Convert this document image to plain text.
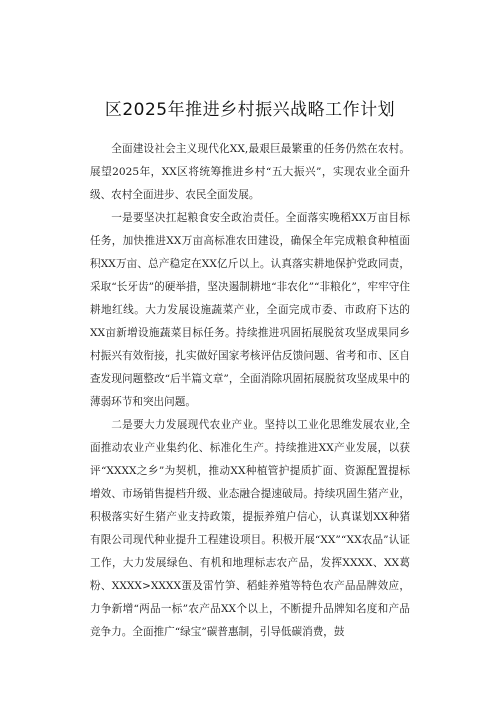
区2025年推进乡村振兴战略工作计划

全面建设社会主义现代化XX,最艰巨最繁重的任务仍然在农村。展望2025年，XX区将统筹推进乡村“五大振兴”，实现农业全面升级、农村全面进步、农民全面发展。

一是要坚决扛起粮食安全政治责任。全面落实晚稻XX万亩目标任务，加快推进XX万亩高标准农田建设，确保全年完成粮食种植面积XX万亩、总产稳定在XX亿斤以上。认真落实耕地保护党政同责，采取“长牙齿”的硬举措，坚决遏制耕地“非农化”“非粮化”，牢牢守住耕地红线。大力发展设施蔬菜产业，全面完成市委、市政府下达的XX亩新增设施蔬菜目标任务。持续推进巩固拓展脱贫攻坚成果同乡村振兴有效衔接，扎实做好国家考核评估反馈问题、省考和市、区自查发现问题整改“后半篇文章”，全面消除巩固拓展脱贫攻坚成果中的薄弱环节和突出问题。

二是要大力发展现代农业产业。坚持以工业化思维发展农业,全面推动农业产业集约化、标准化生产。持续推进XX产业发展，以获评“XXXX之乡”为契机，推动XX种植管护提质扩面、资源配置提标增效、市场销售提档升级、业态融合提速破局。持续巩固生猪产业，积极落实好生猪产业支持政策，提振养殖户信心，认真谋划XX种猪有限公司现代种业提升工程建设项目。积极开展“XX”“XX农品”认证工作，大力发展绿色、有机和地理标志农产品，发挥XXXX、XX葛粉、XXXX>XXXX蛋及雷竹笋、稻蛙养殖等特色农产品品牌效应，力争新增“两品一标”农产品XX个以上，不断提升品牌知名度和产品竞争力。全面推广“绿宝”碳普惠制，引导低碳消费，鼓
